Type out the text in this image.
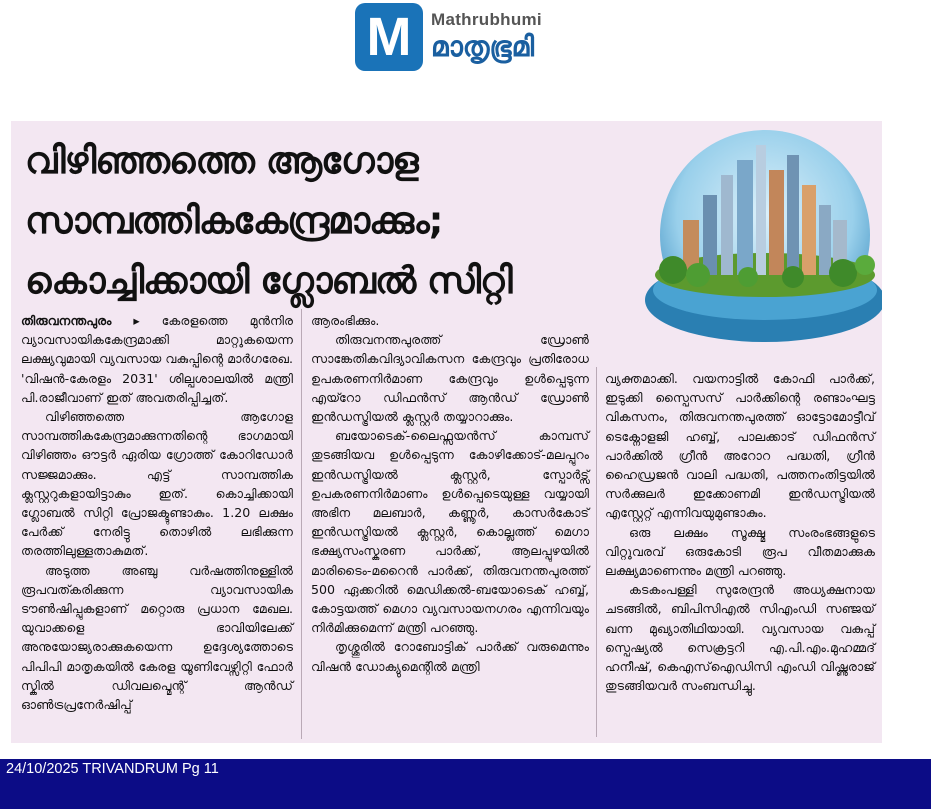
M	Mathrubhumi
മാതൃഭൂമി
വിഴിഞ്ഞത്തെ ആഗോള
സാമ്പത്തികകേന്ദ്രമാക്കും;
കൊച്ചിക്കായി ഗ്ലോബൽ സിറ്റി

തിരുവനന്തപുരം ▸ കേരളത്തെ മുൻനിര വ്യാവസായികകേന്ദ്രമാക്കി മാറ്റുകയെന്ന ലക്ഷ്യവുമായി വ്യവസായ വകുപ്പിന്റെ മാർഗരേഖ. 'വിഷൻ-കേരളം 2031' ശില്പശാലയിൽ മന്ത്രി പി.രാജീവാണ് ഇത് അവതരിപ്പിച്ചത്.

വിഴിഞ്ഞത്തെ ആഗോള സാമ്പത്തികകേന്ദ്രമാക്കുന്നതിന്റെ ഭാഗമായി വിഴിഞ്ഞം ഔട്ടർ ഏരിയ ഗ്രോത്ത് കോറിഡോർ സജ്ജമാക്കും. എട്ട് സാമ്പത്തിക ക്ലസ്റ്ററുകളായിട്ടാകും ഇത്. കൊച്ചിക്കായി ഗ്ലോബൽ സിറ്റി പ്രോജക്ടുണ്ടാകും. 1.20 ലക്ഷം പേർക്ക് നേരിട്ടു തൊഴിൽ ലഭിക്കുന്ന തരത്തിലുള്ളതാകുമത്.

അടുത്ത അഞ്ചു വർഷത്തിനുള്ളിൽ രൂപവത്കരിക്കുന്ന വ്യാവസായിക ടൗൺഷിപ്പുകളാണ് മറ്റൊരു പ്രധാന മേഖല. യുവാക്കളെ ഭാവിയിലേക്ക് അനുയോജ്യരാക്കുകയെന്ന ഉദ്ദേശ്യത്തോടെ പിപിപി മാതൃകയിൽ കേരള യൂണിവേഴ്സിറ്റി ഫോർ സ്കിൽ ഡിവലപ്മെന്റ് ആൻഡ് ഓൺട്രപ്രനേർഷിപ്പ്

ആരംഭിക്കും.

തിരുവനന്തപുരത്ത് ഡ്രോൺ സാങ്കേതികവിദ്യാവികസന കേന്ദ്രവും പ്രതിരോധ ഉപകരണനിർമാണ കേന്ദ്രവും ഉൾപ്പെടുന്ന എയ്റോ ഡിഫൻസ് ആൻഡ് ഡ്രോൺ ഇൻഡസ്ട്രിയൽ ക്ലസ്റ്റർ തയ്യാറാക്കും.

ബയോടെക്-ലൈഫ്സയൻസ് കാമ്പസ് തുടങ്ങിയവ ഉൾപ്പെടുന്ന കോഴിക്കോട്-മലപ്പുറം ഇൻഡസ്ട്രിയൽ ക്ലസ്റ്റർ, സ്പോർട്സ് ഉപകരണനിർമാണം ഉൾപ്പെടെയുള്ള വയ്യായി അഭിന മലബാർ, കണ്ണൂർ, കാസർകോട് ഇൻഡസ്ട്രിയൽ ക്ലസ്റ്റർ, കൊല്ലത്ത് മെഗാ ഭക്ഷ്യസംസ്കരണ പാർക്ക്, ആലപ്പുഴയിൽ മാരിടൈം-മറൈൻ പാർക്ക്, തിരുവനന്തപുരത്ത് 500 ഏക്കറിൽ മെഡിക്കൽ-ബയോടെക് ഹബ്ബ്, കോട്ടയത്ത് മെഗാ വ്യവസായനഗരം എന്നിവയും നിർമിക്കുമെന്ന് മന്ത്രി പറഞ്ഞു.

തൃശ്ശൂരിൽ റോബോട്ടിക് പാർക്ക് വരുമെന്നും വിഷൻ ഡോക്യുമെന്റിൽ മന്ത്രി

വ്യക്തമാക്കി. വയനാട്ടിൽ കോഫി പാർക്ക്, ഇടുക്കി സ്പൈസസ് പാർക്കിന്റെ രണ്ടാംഘട്ട വികസനം, തിരുവനന്തപുരത്ത് ഓട്ടോമോട്ടീവ് ടെക്നോളജി ഹബ്ബ്, പാലക്കാട് ഡിഫൻസ് പാർക്കിൽ ഗ്രീൻ അറോറ പദ്ധതി, ഗ്രീൻ ഹൈഡ്രജൻ വാലി പദ്ധതി, പത്തനംതിട്ടയിൽ സർക്കുലർ ഇക്കോണമി ഇൻഡസ്ട്രിയൽ എസ്റ്റേറ്റ് എന്നിവയുമുണ്ടാകും.

ഒരു ലക്ഷം സൂക്ഷ്മ സംരംഭങ്ങളുടെ വിറ്റുവരവ് ഒരുകോടി രൂപ വീതമാക്കുക ലക്ഷ്യമാണെന്നും മന്ത്രി പറഞ്ഞു.

കടകംപള്ളി സുരേന്ദ്രൻ അധ്യക്ഷനായ ചടങ്ങിൽ, ബിപിസിഎൽ സിഎംഡി സഞ്ജയ് ഖന്ന മുഖ്യാതിഥിയായി. വ്യവസായ വകുപ്പ് സ്പെഷ്യൽ സെക്രട്ടറി എ.പി.എം.മുഹമ്മദ് ഹനീഷ്, കെഎസ്ഐഡിസി എംഡി വിഷ്ണുരാജ് തുടങ്ങിയവർ സംബന്ധിച്ചു.

24/10/2025 TRIVANDRUM Pg 11
